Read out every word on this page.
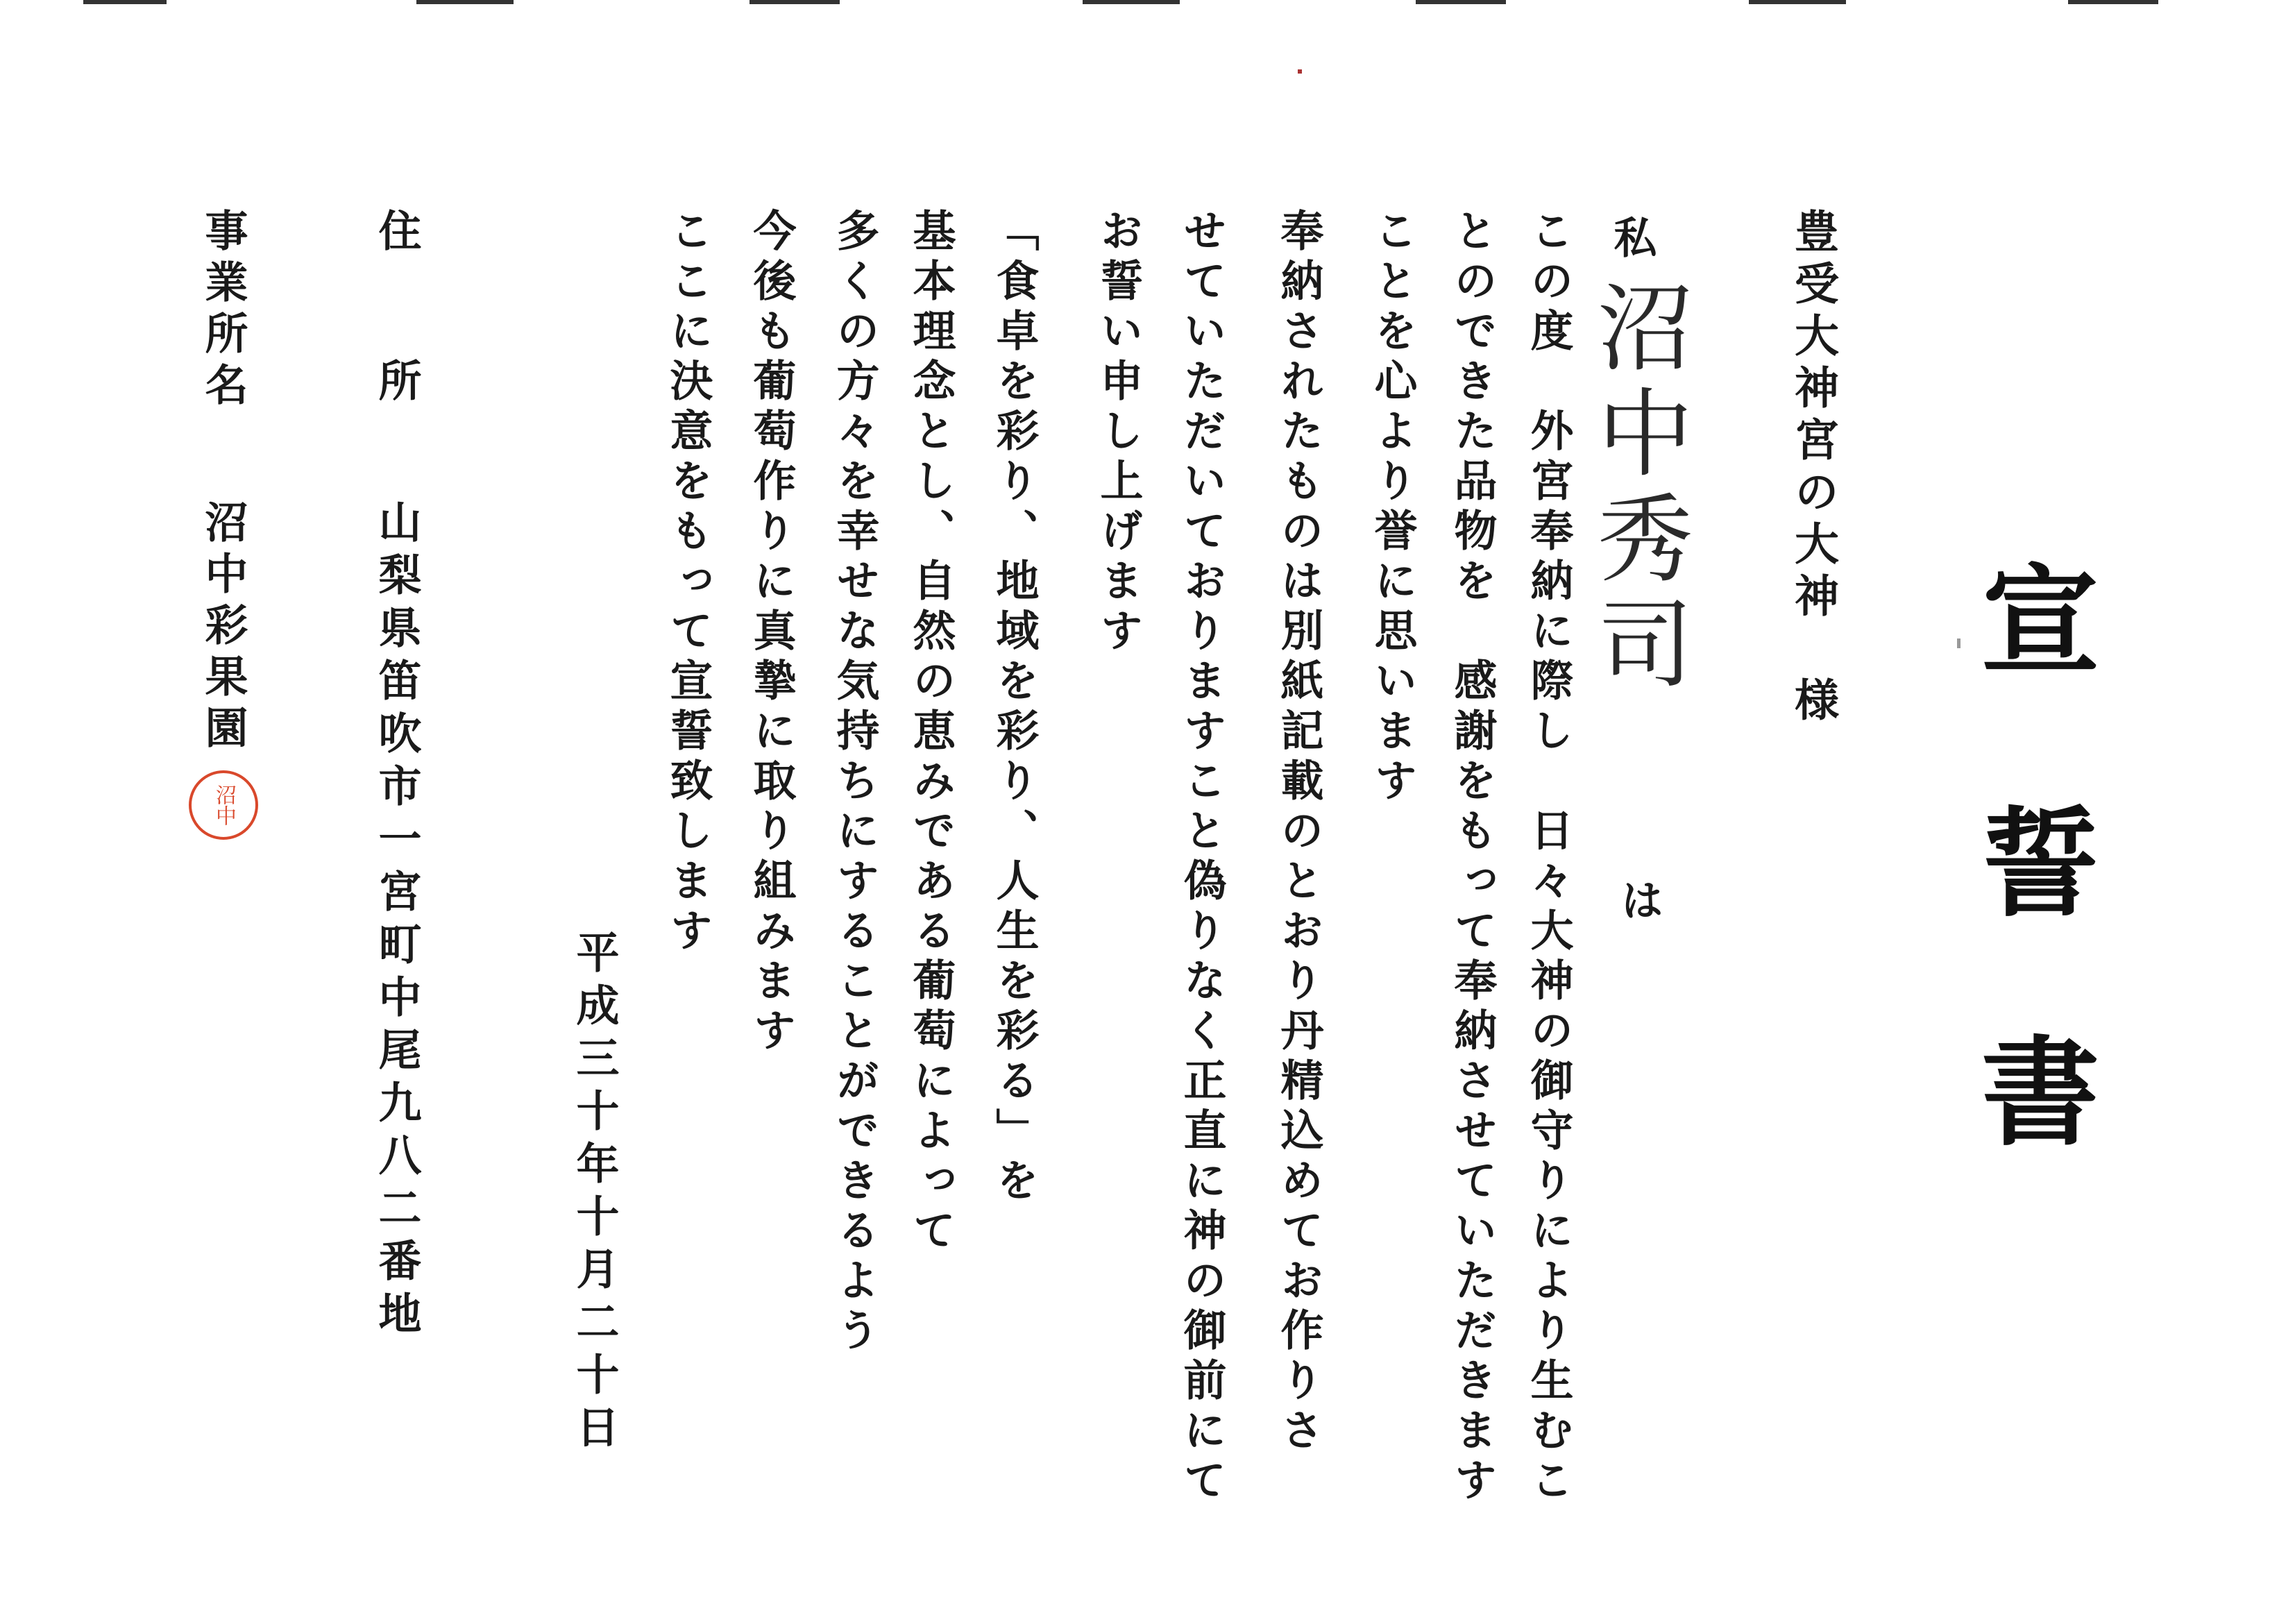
宣
誓
書
豊受大神宮の大神　様
私
沼中秀司
は
この度　外宮奉納に際し　日々大神の御守りにより生むこ
とのできた品物を　感謝をもって奉納させていただきます
ことを心より誉に思います
奉納されたものは別紙記載のとおり丹精込めてお作りさ
せていただいておりますこと偽りなく正直に神の御前にて
お誓い申し上げます
「食卓を彩り、地域を彩り、人生を彩る」を
基本理念とし、自然の恵みである葡萄によって
多くの方々を幸せな気持ちにすることができるよう
今後も葡萄作りに真摯に取り組みます
ここに決意をもって宣誓致します
平成三十年十月二十日
住　　所
山梨県笛吹市一宮町中尾九八二番地
事業所名
沼中彩果園
沼中
